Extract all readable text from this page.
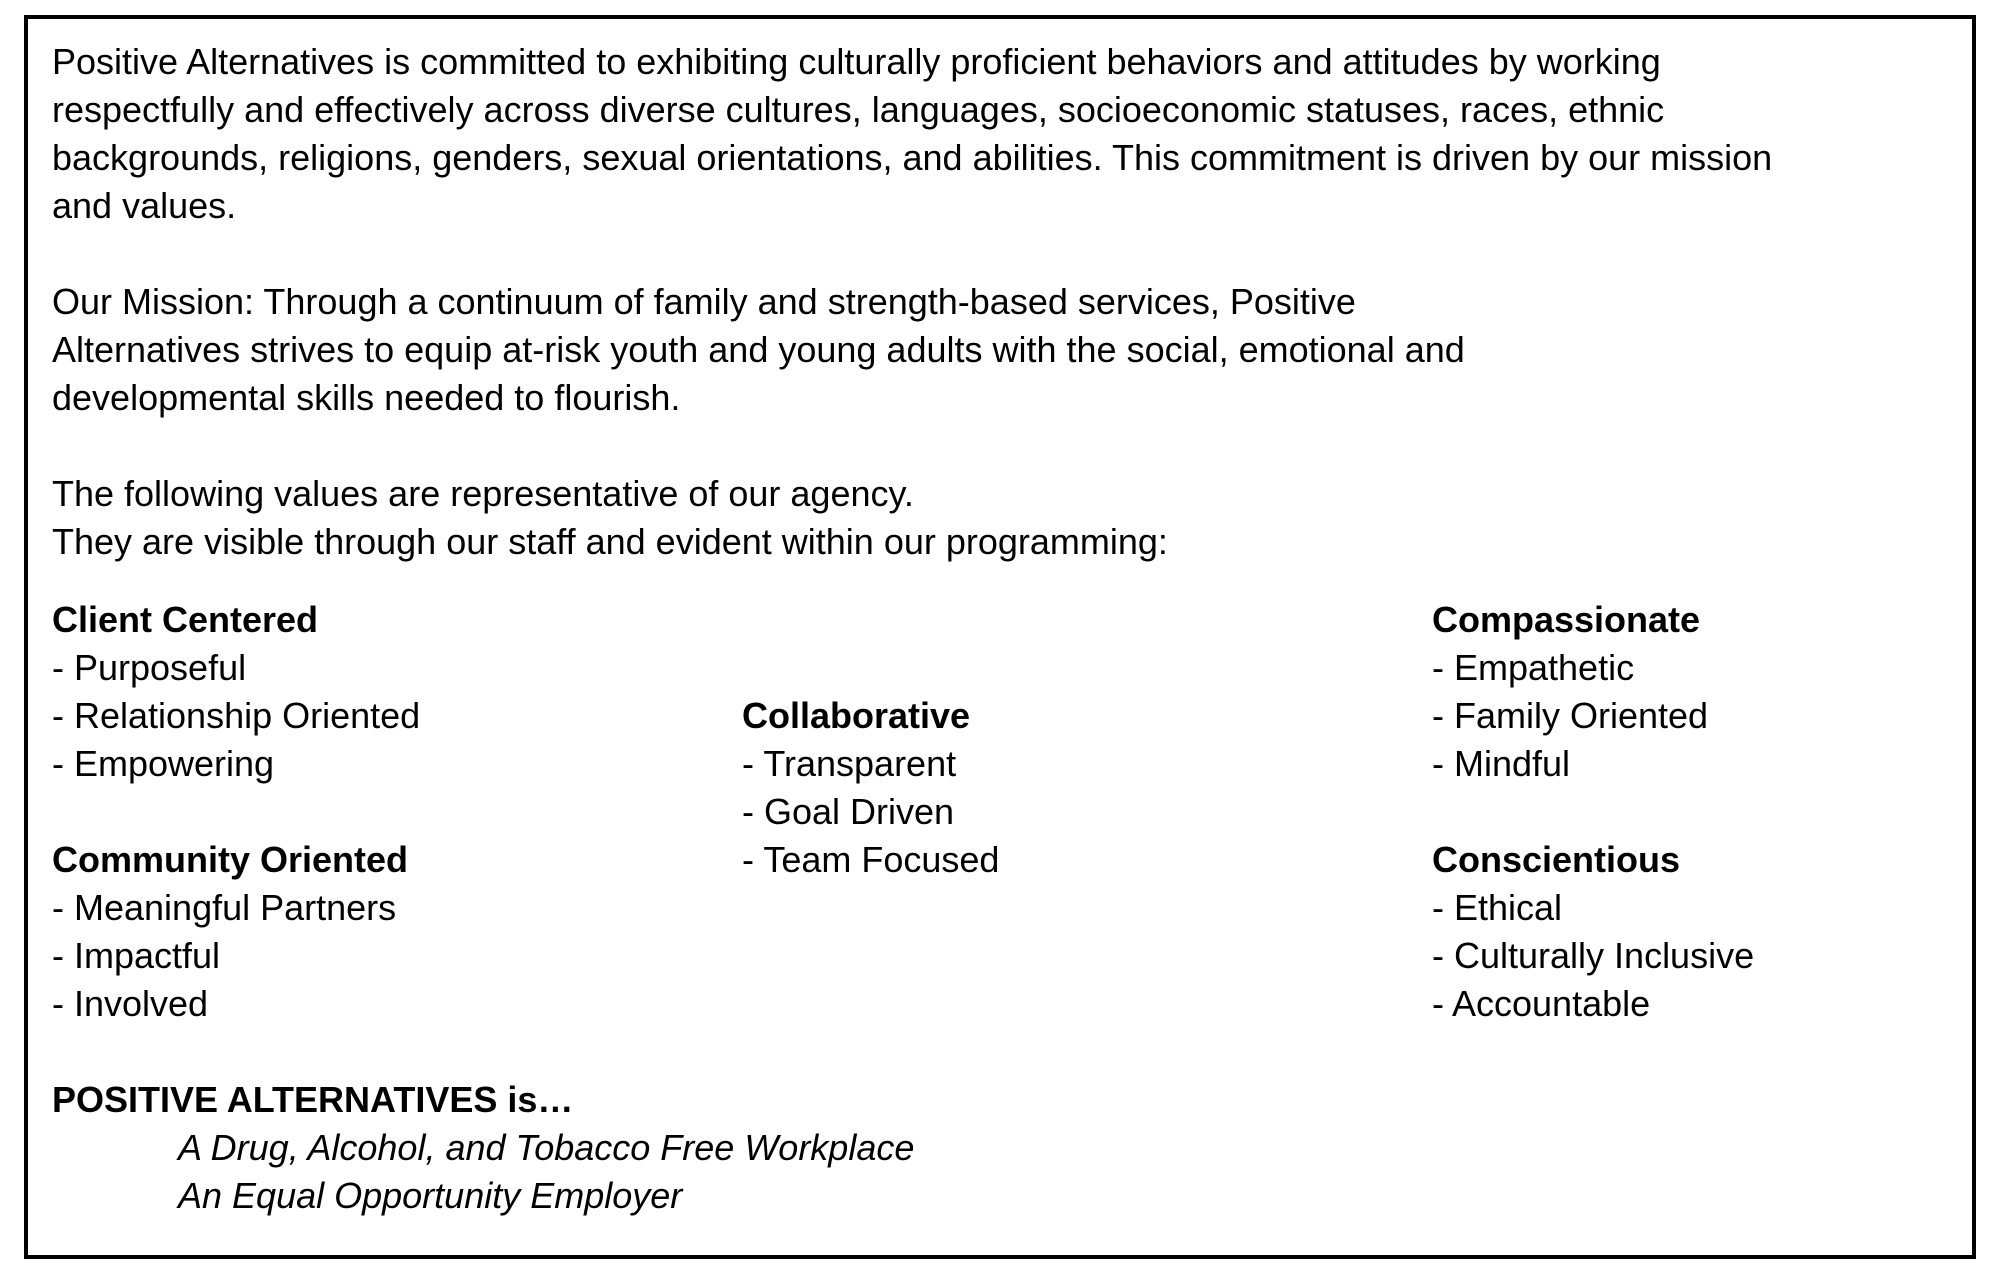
Positive Alternatives is committed to exhibiting culturally proficient behaviors and attitudes by working
respectfully and effectively across diverse cultures, languages, socioeconomic statuses, races, ethnic
backgrounds, religions, genders, sexual orientations, and abilities. This commitment is driven by our mission
and values.
Our Mission: Through a continuum of family and strength-based services, Positive
Alternatives strives to equip at-risk youth and young adults with the social, emotional and
developmental skills needed to flourish.
The following values are representative of our agency.
They are visible through our staff and evident within our programming:
Client Centered
- Purposeful
- Relationship Oriented
- Empowering
Community Oriented
- Meaningful Partners
- Impactful
- Involved
Collaborative
- Transparent
- Goal Driven
- Team Focused
Compassionate
- Empathetic
- Family Oriented
- Mindful
Conscientious
- Ethical
- Culturally Inclusive
- Accountable
POSITIVE ALTERNATIVES is…
A Drug, Alcohol, and Tobacco Free Workplace
An Equal Opportunity Employer
